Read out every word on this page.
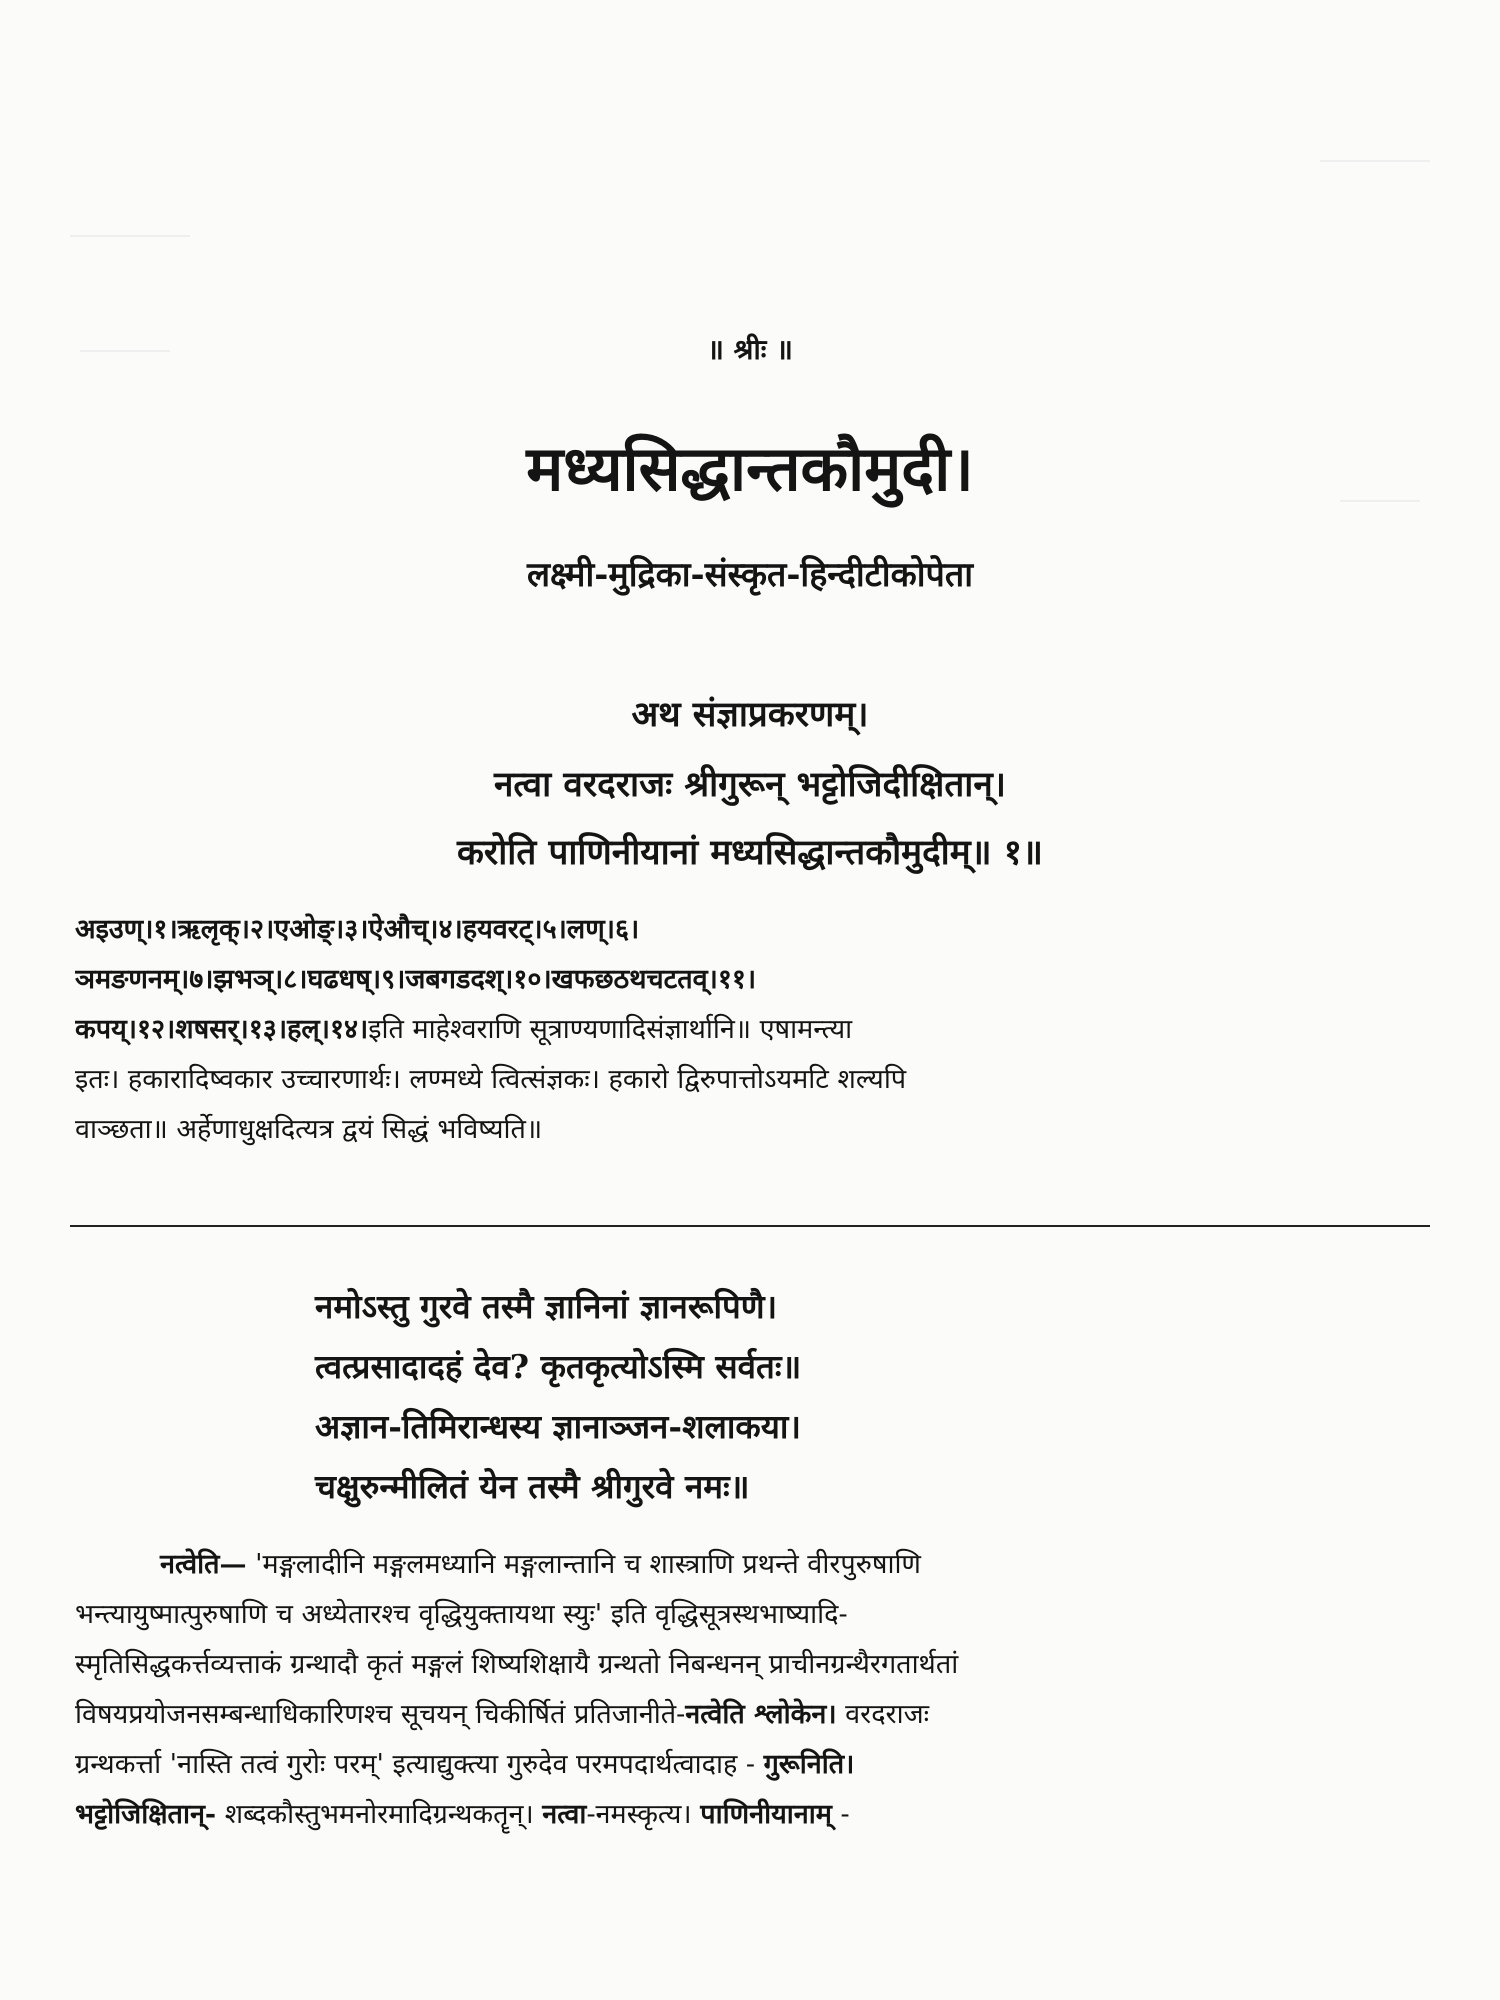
॥ श्रीः ॥
मध्यसिद्धान्तकौमुदी।
लक्ष्मी-मुद्रिका-संस्कृत-हिन्दीटीकोपेता
अथ संज्ञाप्रकरणम्।
नत्वा वरदराजः श्रीगुरून् भट्टोजिदीक्षितान्।
करोति पाणिनीयानां मध्यसिद्धान्तकौमुदीम्॥ १॥
अइउण्।१।ऋलृक्।२।एओङ्।३।ऐऔच्।४।हयवरट्।५।लण्।६।
ञमङणनम्।७।झभञ्।८।घढधष्।९।जबगडदश्।१०।खफछठथचटतव्।११।
कपय्।१२।शषसर्।१३।हल्।१४।इति माहेश्वराणि सूत्राण्यणादिसंज्ञार्थानि॥ एषामन्त्या
इतः। हकारादिष्वकार उच्चारणार्थः। लण्मध्ये त्वित्संज्ञकः। हकारो द्विरुपात्तोऽयमटि शल्यपि
वाञ्छता॥ अर्हेणाधुक्षदित्यत्र द्वयं सिद्धं भविष्यति॥
नमोऽस्तु गुरवे तस्मै ज्ञानिनां ज्ञानरूपिणै।
त्वत्प्रसादादहं देव? कृतकृत्योऽस्मि सर्वतः॥
अज्ञान-तिमिरान्धस्य ज्ञानाञ्जन-शलाकया।
चक्षुरुन्मीलितं येन तस्मै श्रीगुरवे नमः॥
नत्वेति— 'मङ्गलादीनि मङ्गलमध्यानि मङ्गलान्तानि च शास्त्राणि प्रथन्ते वीरपुरुषाणि
भन्त्यायुष्मात्पुरुषाणि च अध्येतारश्च वृद्धियुक्तायथा स्युः' इति वृद्धिसूत्रस्थभाष्यादि-
स्मृतिसिद्धकर्त्तव्यत्ताकं ग्रन्थादौ कृतं मङ्गलं शिष्यशिक्षायै ग्रन्थतो निबन्धनन् प्राचीनग्रन्थैरगतार्थतां
विषयप्रयोजनसम्बन्धाधिकारिणश्च सूचयन् चिकीर्षितं प्रतिजानीते-नत्वेति श्लोकेन। वरदराजः
ग्रन्थकर्त्ता 'नास्ति तत्वं गुरोः परम्' इत्याद्युक्त्या गुरुदेव परमपदार्थत्वादाह - गुरूनिति।
भट्टोजिक्षितान्- शब्दकौस्तुभमनोरमादिग्रन्थकतॄन्। नत्वा-नमस्कृत्य। पाणिनीयानाम् -
